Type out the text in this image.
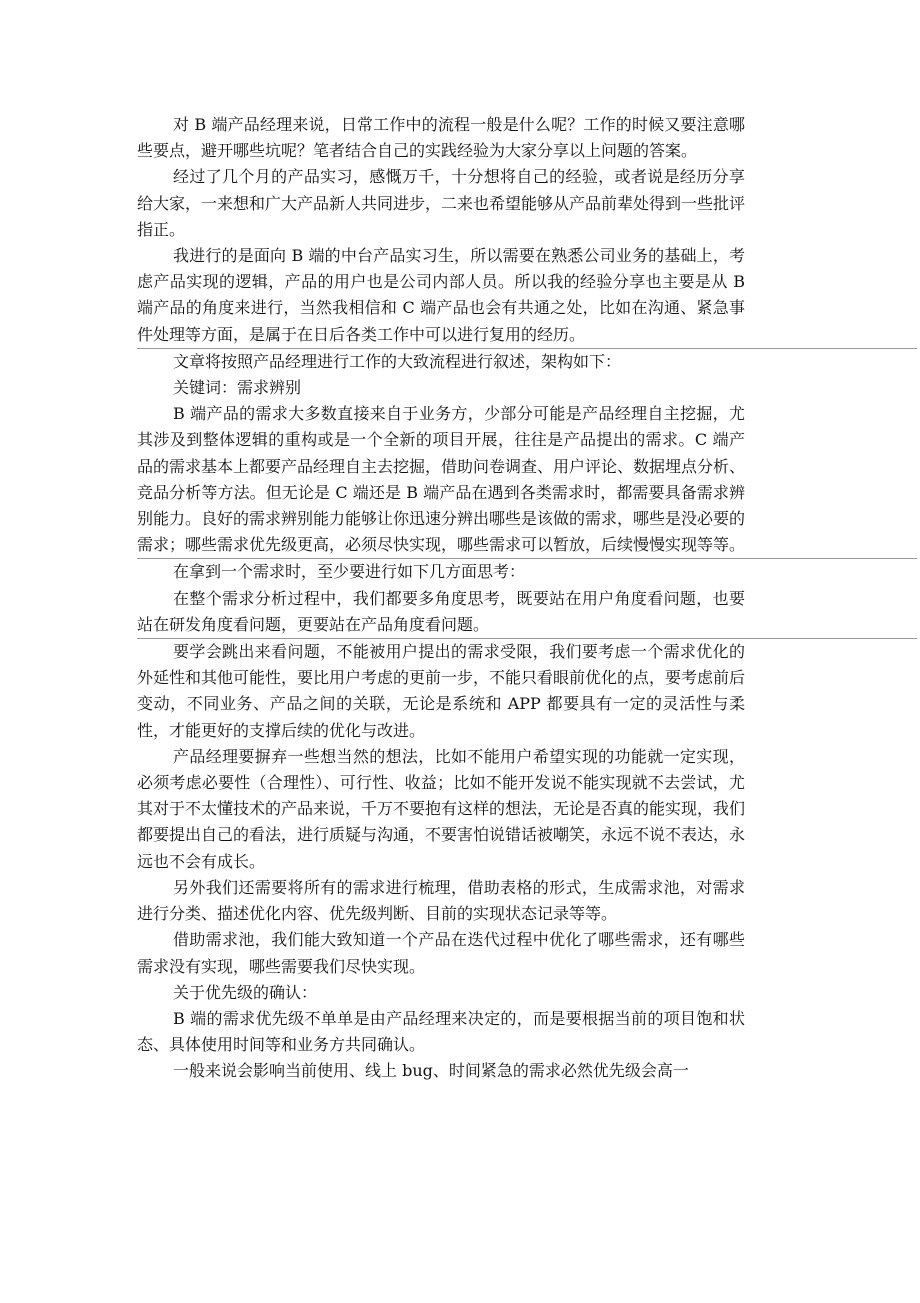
对 B 端产品经理来说，日常工作中的流程一般是什么呢？工作的时候又要注意哪些要点，避开哪些坑呢？笔者结合自己的实践经验为大家分享以上问题的答案。

经过了几个月的产品实习，感慨万千，十分想将自己的经验，或者说是经历分享给大家，一来想和广大产品新人共同进步，二来也希望能够从产品前辈处得到一些批评指正。

我进行的是面向 B 端的中台产品实习生，所以需要在熟悉公司业务的基础上，考虑产品实现的逻辑，产品的用户也是公司内部人员。所以我的经验分享也主要是从 B 端产品的角度来进行，当然我相信和 C 端产品也会有共通之处，比如在沟通、紧急事件处理等方面，是属于在日后各类工作中可以进行复用的经历。

文章将按照产品经理进行工作的大致流程进行叙述，架构如下：

关键词：需求辨别

B 端产品的需求大多数直接来自于业务方，少部分可能是产品经理自主挖掘，尤其涉及到整体逻辑的重构或是一个全新的项目开展，往往是产品提出的需求。C 端产品的需求基本上都要产品经理自主去挖掘，借助问卷调查、用户评论、数据埋点分析、竞品分析等方法。但无论是 C 端还是 B 端产品在遇到各类需求时，都需要具备需求辨别能力。良好的需求辨别能力能够让你迅速分辨出哪些是该做的需求，哪些是没必要的需求；哪些需求优先级更高，必须尽快实现，哪些需求可以暂放，后续慢慢实现等等。

在拿到一个需求时，至少要进行如下几方面思考：

在整个需求分析过程中，我们都要多角度思考，既要站在用户角度看问题，也要站在研发角度看问题，更要站在产品角度看问题。

要学会跳出来看问题，不能被用户提出的需求受限，我们要考虑一个需求优化的外延性和其他可能性，要比用户考虑的更前一步，不能只看眼前优化的点，要考虑前后变动，不同业务、产品之间的关联，无论是系统和 APP 都要具有一定的灵活性与柔性，才能更好的支撑后续的优化与改进。

产品经理要摒弃一些想当然的想法，比如不能用户希望实现的功能就一定实现，必须考虑必要性（合理性）、可行性、收益；比如不能开发说不能实现就不去尝试，尤其对于不太懂技术的产品来说，千万不要抱有这样的想法，无论是否真的能实现，我们都要提出自己的看法，进行质疑与沟通，不要害怕说错话被嘲笑，永远不说不表达，永远也不会有成长。

另外我们还需要将所有的需求进行梳理，借助表格的形式，生成需求池，对需求进行分类、描述优化内容、优先级判断、目前的实现状态记录等等。

借助需求池，我们能大致知道一个产品在迭代过程中优化了哪些需求，还有哪些需求没有实现，哪些需要我们尽快实现。

关于优先级的确认：

B 端的需求优先级不单单是由产品经理来决定的，而是要根据当前的项目饱和状态、具体使用时间等和业务方共同确认。

一般来说会影响当前使用、线上 bug、时间紧急的需求必然优先级会高一
